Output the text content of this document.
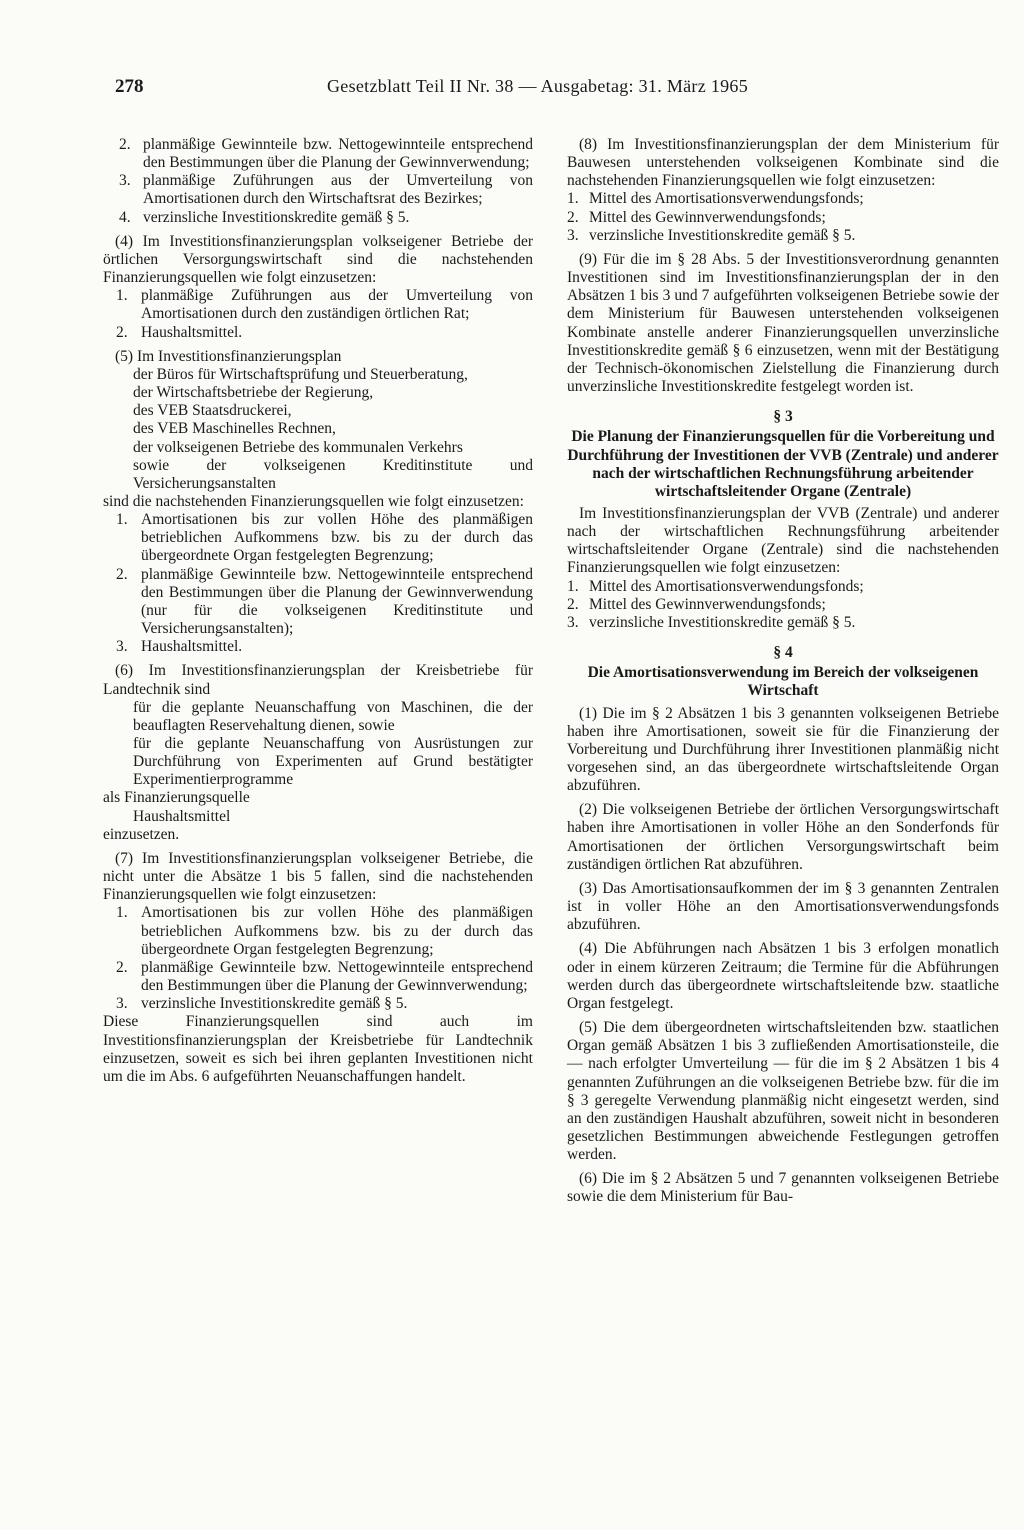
278	Gesetzblatt Teil II Nr. 38 — Ausgabetag: 31. März 1965

2. planmäßige Gewinnteile bzw. Nettogewinnteile entsprechend den Bestimmungen über die Planung der Gewinnverwendung;

3. planmäßige Zuführungen aus der Umverteilung von Amortisationen durch den Wirtschaftsrat des Bezirkes;

4. verzinsliche Investitionskredite gemäß § 5.

(4) Im Investitionsfinanzierungsplan volkseigener Betriebe der örtlichen Versorgungswirtschaft sind die nachstehenden Finanzierungsquellen wie folgt einzusetzen:

1. planmäßige Zuführungen aus der Umverteilung von Amortisationen durch den zuständigen örtlichen Rat;

2. Haushaltsmittel.

(5) Im Investitionsfinanzierungsplan

der Büros für Wirtschaftsprüfung und Steuerberatung,

der Wirtschaftsbetriebe der Regierung,

des VEB Staatsdruckerei,

des VEB Maschinelles Rechnen,

der volkseigenen Betriebe des kommunalen Verkehrs

sowie der volkseigenen Kreditinstitute und Versicherungsanstalten

sind die nachstehenden Finanzierungsquellen wie folgt einzusetzen:

1. Amortisationen bis zur vollen Höhe des planmäßigen betrieblichen Aufkommens bzw. bis zu der durch das übergeordnete Organ festgelegten Begrenzung;

2. planmäßige Gewinnteile bzw. Nettogewinnteile entsprechend den Bestimmungen über die Planung der Gewinnverwendung (nur für die volkseigenen Kreditinstitute und Versicherungsanstalten);

3. Haushaltsmittel.

(6) Im Investitionsfinanzierungsplan der Kreisbetriebe für Landtechnik sind

für die geplante Neuanschaffung von Maschinen, die der beauflagten Reservehaltung dienen, sowie

für die geplante Neuanschaffung von Ausrüstungen zur Durchführung von Experimenten auf Grund bestätigter Experimentierprogramme

als Finanzierungsquelle

Haushaltsmittel

einzusetzen.

(7) Im Investitionsfinanzierungsplan volkseigener Betriebe, die nicht unter die Absätze 1 bis 5 fallen, sind die nachstehenden Finanzierungsquellen wie folgt einzusetzen:

1. Amortisationen bis zur vollen Höhe des planmäßigen betrieblichen Aufkommens bzw. bis zu der durch das übergeordnete Organ festgelegten Begrenzung;

2. planmäßige Gewinnteile bzw. Nettogewinnteile entsprechend den Bestimmungen über die Planung der Gewinnverwendung;

3. verzinsliche Investitionskredite gemäß § 5.

Diese Finanzierungsquellen sind auch im Investitionsfinanzierungsplan der Kreisbetriebe für Landtechnik einzusetzen, soweit es sich bei ihren geplanten Investitionen nicht um die im Abs. 6 aufgeführten Neuanschaffungen handelt.

(8) Im Investitionsfinanzierungsplan der dem Ministerium für Bauwesen unterstehenden volkseigenen Kombinate sind die nachstehenden Finanzierungsquellen wie folgt einzusetzen:

1. Mittel des Amortisationsverwendungsfonds;

2. Mittel des Gewinnverwendungsfonds;

3. verzinsliche Investitionskredite gemäß § 5.

(9) Für die im § 28 Abs. 5 der Investitionsverordnung genannten Investitionen sind im Investitionsfinanzierungsplan der in den Absätzen 1 bis 3 und 7 aufgeführten volkseigenen Betriebe sowie der dem Ministerium für Bauwesen unterstehenden volkseigenen Kombinate anstelle anderer Finanzierungsquellen unverzinsliche Investitionskredite gemäß § 6 einzusetzen, wenn mit der Bestätigung der Technisch-ökonomischen Zielstellung die Finanzierung durch unverzinsliche Investitionskredite festgelegt worden ist.

§ 3
Die Planung der Finanzierungsquellen für die Vorbereitung und Durchführung der Investitionen der VVB (Zentrale) und anderer nach der wirtschaftlichen Rechnungsführung arbeitender wirtschaftsleitender Organe (Zentrale)

Im Investitionsfinanzierungsplan der VVB (Zentrale) und anderer nach der wirtschaftlichen Rechnungsführung arbeitender wirtschaftsleitender Organe (Zentrale) sind die nachstehenden Finanzierungsquellen wie folgt einzusetzen:

1. Mittel des Amortisationsverwendungsfonds;

2. Mittel des Gewinnverwendungsfonds;

3. verzinsliche Investitionskredite gemäß § 5.

§ 4
Die Amortisationsverwendung im Bereich der volkseigenen Wirtschaft

(1) Die im § 2 Absätzen 1 bis 3 genannten volkseigenen Betriebe haben ihre Amortisationen, soweit sie für die Finanzierung der Vorbereitung und Durchführung ihrer Investitionen planmäßig nicht vorgesehen sind, an das übergeordnete wirtschaftsleitende Organ abzuführen.

(2) Die volkseigenen Betriebe der örtlichen Versorgungswirtschaft haben ihre Amortisationen in voller Höhe an den Sonderfonds für Amortisationen der örtlichen Versorgungswirtschaft beim zuständigen örtlichen Rat abzuführen.

(3) Das Amortisationsaufkommen der im § 3 genannten Zentralen ist in voller Höhe an den Amortisationsverwendungsfonds abzuführen.

(4) Die Abführungen nach Absätzen 1 bis 3 erfolgen monatlich oder in einem kürzeren Zeitraum; die Termine für die Abführungen werden durch das übergeordnete wirtschaftsleitende bzw. staatliche Organ festgelegt.

(5) Die dem übergeordneten wirtschaftsleitenden bzw. staatlichen Organ gemäß Absätzen 1 bis 3 zufließenden Amortisationsteile, die — nach erfolgter Umverteilung — für die im § 2 Absätzen 1 bis 4 genannten Zuführungen an die volkseigenen Betriebe bzw. für die im § 3 geregelte Verwendung planmäßig nicht eingesetzt werden, sind an den zuständigen Haushalt abzuführen, soweit nicht in besonderen gesetzlichen Bestimmungen abweichende Festlegungen getroffen werden.

(6) Die im § 2 Absätzen 5 und 7 genannten volkseigenen Betriebe sowie die dem Ministerium für Bau-
